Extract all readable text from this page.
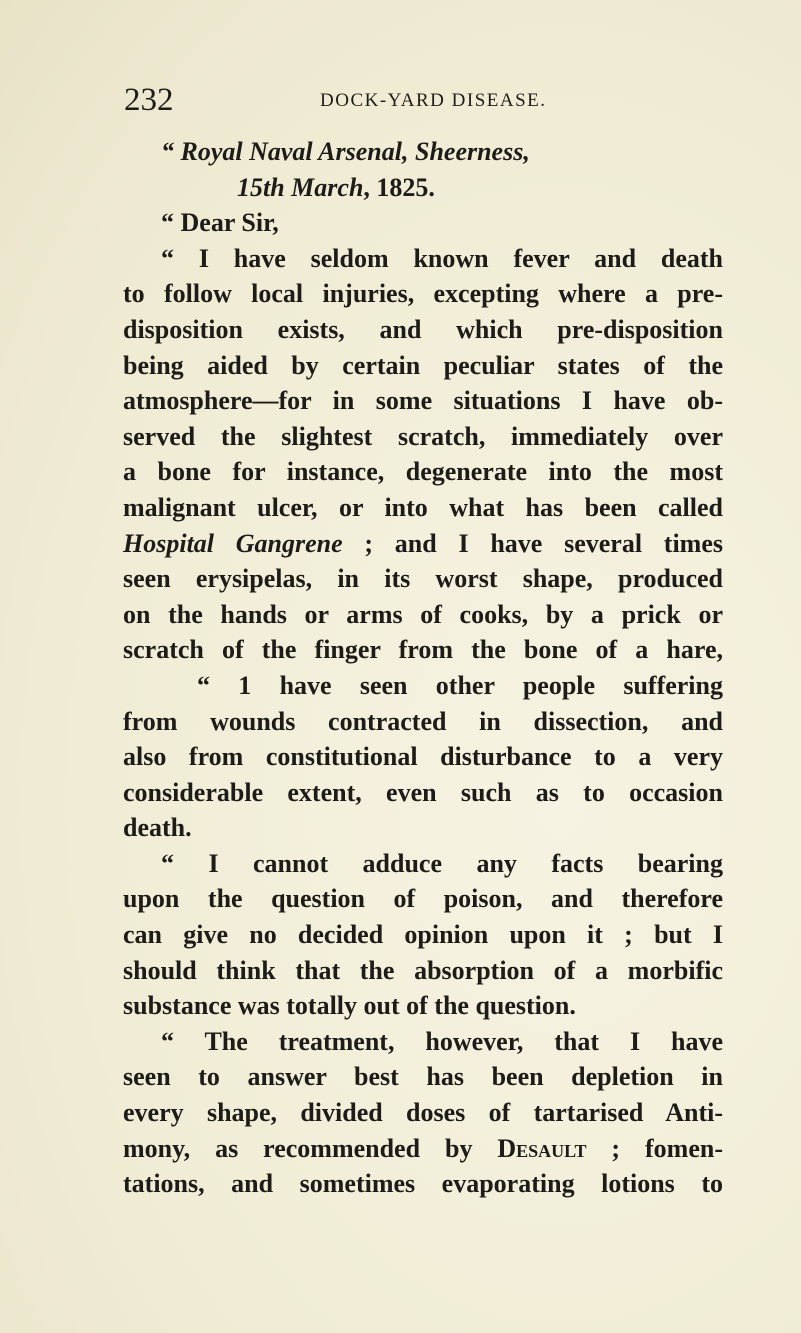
232	DOCK-YARD DISEASE.

“ Royal Naval Arsenal, Sheerness,

15th March, 1825.

“ Dear Sir,

“ I have seldom known fever and death

to follow local injuries, excepting where a pre-

disposition exists, and which pre-disposition

being aided by certain peculiar states of the

atmosphere—for in some situations I have ob-

served the slightest scratch, immediately over

a bone for instance, degenerate into the most

malignant ulcer, or into what has been called

Hospital Gangrene ; and I have several times

seen erysipelas, in its worst shape, produced

on the hands or arms of cooks, by a prick or

scratch of the finger from the bone of a hare,

“ 1 have seen other people suffering

from wounds contracted in dissection, and

also from constitutional disturbance to a very

considerable extent, even such as to occasion

death.

“ I cannot adduce any facts bearing

upon the question of poison, and therefore

can give no decided opinion upon it ; but I

should think that the absorption of a morbific

substance was totally out of the question.

“ The treatment, however, that I have

seen to answer best has been depletion in

every shape, divided doses of tartarised Anti-

mony, as recommended by Desault ; fomen-

tations, and sometimes evaporating lotions to
